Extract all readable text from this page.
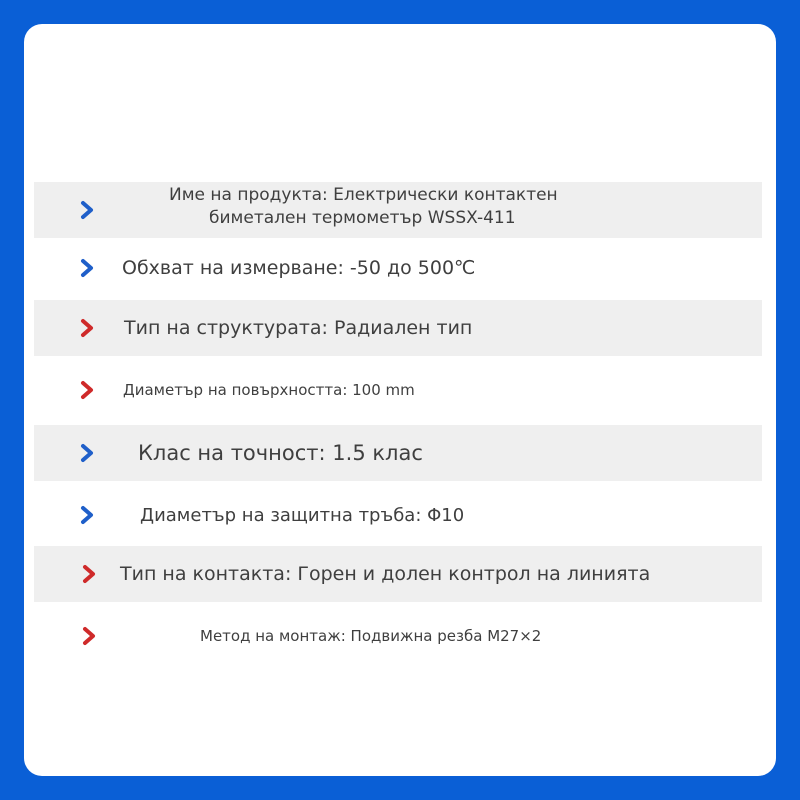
Име на продукта: Електрически контактен
биметален термометър WSSX-411
Обхват на измерване: -50 до 500℃
Тип на структурата: Радиален тип
Диаметър на повърхността: 100 mm
Клас на точност: 1.5 клас
Диаметър на защитна тръба: Φ10
Тип на контакта: Горен и долен контрол на линията
Метод на монтаж: Подвижна резба M27×2
